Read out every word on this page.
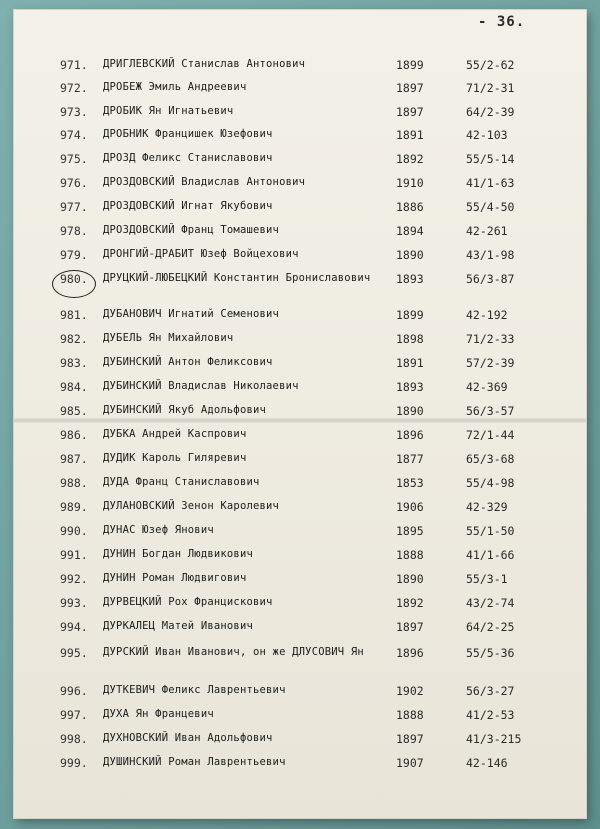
- 36.
971. ДРИГЛЕВСКИЙ Станислав Антонович	1899	55/2-62
972. ДРОБЕЖ Эмиль Андреевич	1897	71/2-31
973. ДРОБИК Ян Игнатьевич	1897	64/2-39
974. ДРОБНИК Францишек Юзефович	1891	42-103
975. ДРОЗД Феликс Станиславович	1892	55/5-14
976. ДРОЗДОВСКИЙ Владислав Антонович	1910	41/1-63
977. ДРОЗДОВСКИЙ Игнат Якубович	1886	55/4-50
978. ДРОЗДОВСКИЙ Франц Томашевич	1894	42-261
979. ДРОНГИЙ-ДРАБИТ Юзеф Войцехович	1890	43/1-98
980. ДРУЦКИЙ-ЛЮБЕЦКИЙ Константин Брониславович	1893	56/3-87
981. ДУБАНОВИЧ Игнатий Семенович	1899	42-192
982. ДУБЕЛЬ Ян Михайлович	1898	71/2-33
983. ДУБИНСКИЙ Антон Феликсович	1891	57/2-39
984. ДУБИНСКИЙ Владислав Николаевич	1893	42-369
985. ДУБИНСКИЙ Якуб Адольфович	1890	56/3-57
986. ДУБКА Андрей Каспрович	1896	72/1-44
987. ДУДИК Кароль Гиляревич	1877	65/3-68
988. ДУДА Франц Станиславович	1853	55/4-98
989. ДУЛАНОВСКИЙ Зенон Каролевич	1906	42-329
990. ДУНАС Юзеф Янович	1895	55/1-50
991. ДУНИН Богдан Людвикович	1888	41/1-66
992. ДУНИН Роман Людвигович	1890	55/3-1
993. ДУРВЕЦКИЙ Рох Францискович	1892	43/2-74
994. ДУРКАЛЕЦ Матей Иванович	1897	64/2-25
995. ДУРСКИЙ Иван Иванович, он же ДЛУСОВИЧ Ян	1896	55/5-36
996. ДУТКЕВИЧ Феликс Лаврентьевич	1902	56/3-27
997. ДУХА Ян Францевич	1888	41/2-53
998. ДУХНОВСКИЙ Иван Адольфович	1897	41/3-215
999. ДУШИНСКИЙ Роман Лаврентьевич	1907	42-146
